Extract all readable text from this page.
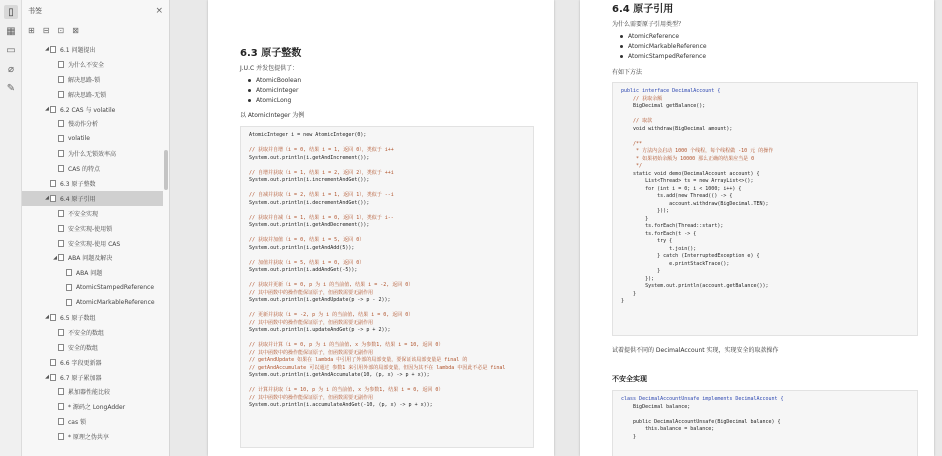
▯
▦
▭
⌀
✎
书签	×
⊞ ⊟ ⊡ ⊠
◢ 6.1 问题提出
为什么不安全
解决思路-锁
解决思路-无锁
◢ 6.2 CAS 与 volatile
慢动作分析
volatile
为什么无锁效率高
CAS 的特点
6.3 原子整数
◢ 6.4 原子引用
不安全实现
安全实现-使用锁
安全实现-使用 CAS
◢ ABA 问题及解决
ABA 问题
AtomicStampedReference
AtomicMarkableReference
◢ 6.5 原子数组
不安全的数组
安全的数组
6.6 字段更新器
◢ 6.7 原子累加器
累加器性能比较
* 源码之 LongAdder
cas 锁
* 原理之伪共享
6.3 原子整数

J.U.C 并发包提供了：

AtomicBoolean
AtomicInteger
AtomicLong

以 AtomicInteger 为例

AtomicInteger i = new AtomicInteger(0);
// 获取并自增（i = 0, 结果 i = 1, 返回 0），类似于 i++
System.out.println(i.getAndIncrement());
// 自增并获取（i = 1, 结果 i = 2, 返回 2），类似于 ++i
System.out.println(i.incrementAndGet());
// 自减并获取（i = 2, 结果 i = 1, 返回 1），类似于 --i
System.out.println(i.decrementAndGet());
// 获取并自减（i = 1, 结果 i = 0, 返回 1），类似于 i--
System.out.println(i.getAndDecrement());
// 获取并加值（i = 0, 结果 i = 5, 返回 0）
System.out.println(i.getAndAdd(5));
// 加值并获取（i = 5, 结果 i = 0, 返回 0）
System.out.println(i.addAndGet(-5));
// 获取并更新（i = 0, p 为 i 的当前值, 结果 i = -2, 返回 0）
// 其中函数中的操作能保证原子，但函数需要无副作用
System.out.println(i.getAndUpdate(p -> p - 2));
// 更新并获取（i = -2, p 为 i 的当前值, 结果 i = 0, 返回 0）
// 其中函数中的操作能保证原子，但函数需要无副作用
System.out.println(i.updateAndGet(p -> p + 2));
// 获取并计算（i = 0, p 为 i 的当前值, x 为参数1, 结果 i = 10, 返回 0）
// 其中函数中的操作能保证原子，但函数需要无副作用
// getAndUpdate 如果在 lambda 中引用了外部的局部变量，要保证该局部变量是 final 的
// getAndAccumulate 可以通过 参数1 来引用外部的局部变量，但因为其不在 lambda 中因此不必是 final
System.out.println(i.getAndAccumulate(10, (p, x) -> p + x));
// 计算并获取（i = 10, p 为 i 的当前值, x 为参数1, 结果 i = 0, 返回 0）
// 其中函数中的操作能保证原子，但函数需要无副作用
System.out.println(i.accumulateAndGet(-10, (p, x) -> p + x));
6.4 原子引用

为什么需要原子引用类型？

AtomicReference
AtomicMarkableReference
AtomicStampedReference

有如下方法

public interface DecimalAccount {
// 获取余额
BigDecimal getBalance();
// 取款
void withdraw(BigDecimal amount);
/**
* 方法内会启动 1000 个线程，每个线程做 -10 元 的操作
* 如果初始余额为 10000 那么正确的结果应当是 0
*/
static void demo(DecimalAccount account) {
List<Thread> ts = new ArrayList<>();
for (int i = 0; i < 1000; i++) {
ts.add(new Thread(() -> {
account.withdraw(BigDecimal.TEN);
}));
}
ts.forEach(Thread::start);
ts.forEach(t -> {
try {
t.join();
} catch (InterruptedException e) {
e.printStackTrace();
}
});
System.out.println(account.getBalance());
}
}

试着提供不同的 DecimalAccount 实现，实现安全的取款操作

不安全实现
class DecimalAccountUnsafe implements DecimalAccount {
BigDecimal balance;
public DecimalAccountUnsafe(BigDecimal balance) {
this.balance = balance;
}
